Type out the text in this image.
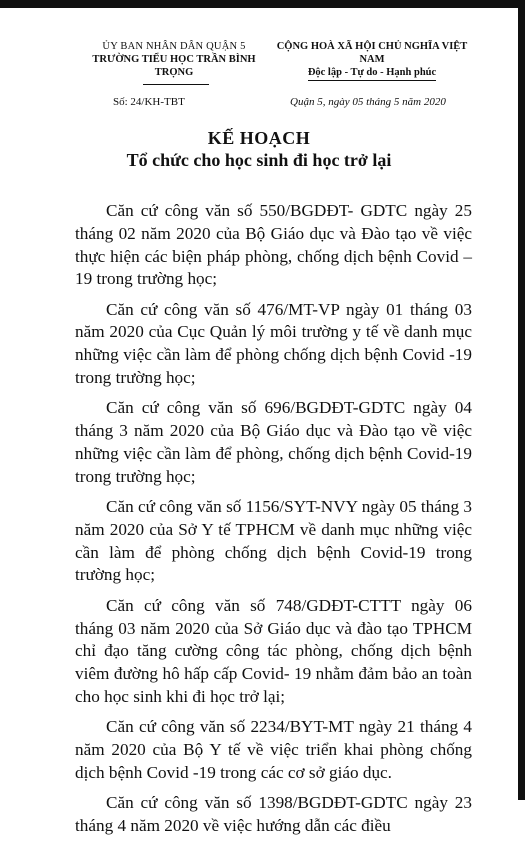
ỦY BAN NHÂN DÂN QUẬN 5
TRƯỜNG TIỂU HỌC TRẦN BÌNH TRỌNG
CỘNG HOÀ XÃ HỘI CHỦ NGHĨA VIỆT NAM
Độc lập - Tự do - Hạnh phúc
Số: 24/KH-TBT	Quận 5, ngày 05 tháng 5 năm 2020
KẾ HOẠCH
Tổ chức cho học sinh đi học trở lại

Căn cứ công văn số 550/BGDĐT- GDTC ngày 25 tháng 02 năm 2020 của Bộ Giáo dục và Đào tạo về việc thực hiện các biện pháp phòng, chống dịch bệnh Covid – 19 trong trường học;

Căn cứ công văn số 476/MT-VP ngày 01 tháng 03 năm 2020 của Cục Quản lý môi trường y tế về danh mục những việc cần làm để phòng chống dịch bệnh Covid -19 trong trường học;

Căn cứ công văn số 696/BGDĐT-GDTC ngày 04 tháng 3 năm 2020 của Bộ Giáo dục và Đào tạo về việc những việc cần làm để phòng, chống dịch bệnh Covid-19 trong trường học;

Căn cứ công văn số 1156/SYT-NVY ngày 05 tháng 3 năm 2020 của Sở Y tế TPHCM về danh mục những việc cần làm để phòng chống dịch bệnh Covid-19 trong trường học;

Căn cứ công văn số 748/GDĐT-CTTT ngày 06 tháng 03 năm 2020 của Sở Giáo dục và đào tạo TPHCM chỉ đạo tăng cường công tác phòng, chống dịch bệnh viêm đường hô hấp cấp Covid- 19 nhằm đảm bảo an toàn cho học sinh khi đi học trở lại;

Căn cứ công văn số 2234/BYT-MT ngày 21 tháng 4 năm 2020 của Bộ Y tế về việc triển khai phòng chống dịch bệnh Covid -19 trong các cơ sở giáo dục.

Căn cứ công văn số 1398/BGDĐT-GDTC ngày 23 tháng 4 năm 2020 về việc hướng dẫn các điều
